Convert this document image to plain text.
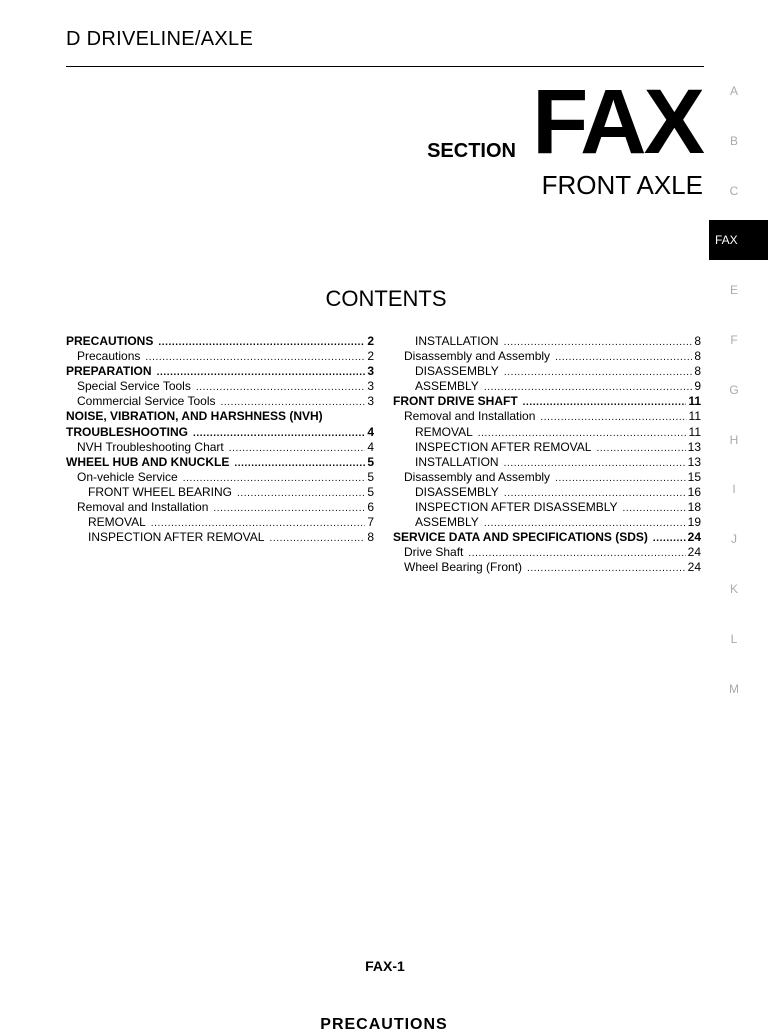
D DRIVELINE/AXLE
SECTION FAX
FRONT AXLE
A
B
C
FAX
E
F
G
H
I
J
K
L
M
CONTENTS
PRECAUTIONS .....	2
Precautions .....	2
PREPARATION .....	3
Special Service Tools .....	3
Commercial Service Tools .....	3
NOISE, VIBRATION, AND HARSHNESS (NVH)
TROUBLESHOOTING .....	4
NVH Troubleshooting Chart .....	4
WHEEL HUB AND KNUCKLE .....	5
On-vehicle Service .....	5
FRONT WHEEL BEARING .....	5
Removal and Installation .....	6
REMOVAL .....	7
INSPECTION AFTER REMOVAL .....	8
INSTALLATION .....	8
Disassembly and Assembly .....	8
DISASSEMBLY .....	8
ASSEMBLY .....	9
FRONT DRIVE SHAFT .....	11
Removal and Installation .....	11
REMOVAL .....	11
INSPECTION AFTER REMOVAL .....	13
INSTALLATION .....	13
Disassembly and Assembly .....	15
DISASSEMBLY .....	16
INSPECTION AFTER DISASSEMBLY .....	18
ASSEMBLY .....	19
SERVICE DATA AND SPECIFICATIONS (SDS) .....	24
Drive Shaft .....	24
Wheel Bearing (Front) .....	24
FAX-1
PRECAUTIONS
